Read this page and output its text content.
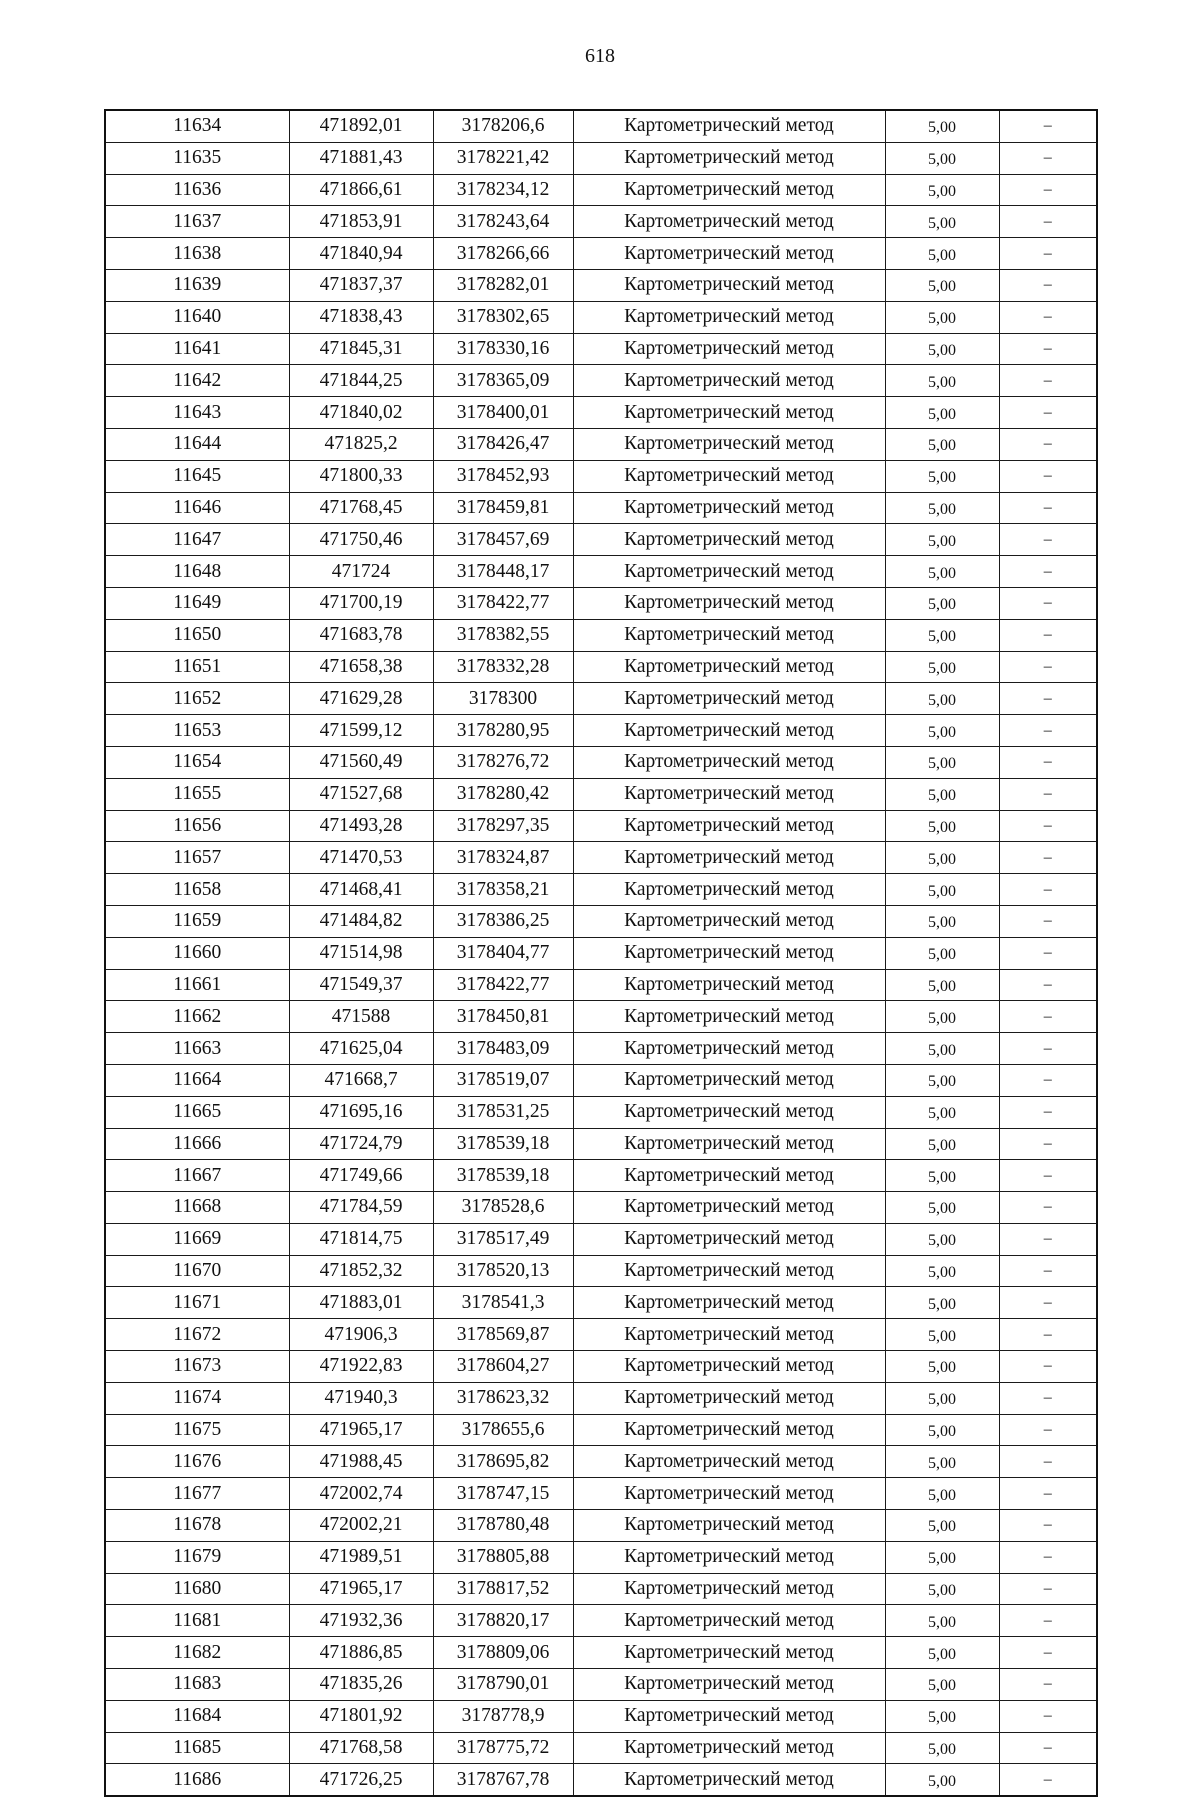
618
11634	471892,01	3178206,6	Картометрический метод	5,00	–
11635	471881,43	3178221,42	Картометрический метод	5,00	–
11636	471866,61	3178234,12	Картометрический метод	5,00	–
11637	471853,91	3178243,64	Картометрический метод	5,00	–
11638	471840,94	3178266,66	Картометрический метод	5,00	–
11639	471837,37	3178282,01	Картометрический метод	5,00	–
11640	471838,43	3178302,65	Картометрический метод	5,00	–
11641	471845,31	3178330,16	Картометрический метод	5,00	–
11642	471844,25	3178365,09	Картометрический метод	5,00	–
11643	471840,02	3178400,01	Картометрический метод	5,00	–
11644	471825,2	3178426,47	Картометрический метод	5,00	–
11645	471800,33	3178452,93	Картометрический метод	5,00	–
11646	471768,45	3178459,81	Картометрический метод	5,00	–
11647	471750,46	3178457,69	Картометрический метод	5,00	–
11648	471724	3178448,17	Картометрический метод	5,00	–
11649	471700,19	3178422,77	Картометрический метод	5,00	–
11650	471683,78	3178382,55	Картометрический метод	5,00	–
11651	471658,38	3178332,28	Картометрический метод	5,00	–
11652	471629,28	3178300	Картометрический метод	5,00	–
11653	471599,12	3178280,95	Картометрический метод	5,00	–
11654	471560,49	3178276,72	Картометрический метод	5,00	–
11655	471527,68	3178280,42	Картометрический метод	5,00	–
11656	471493,28	3178297,35	Картометрический метод	5,00	–
11657	471470,53	3178324,87	Картометрический метод	5,00	–
11658	471468,41	3178358,21	Картометрический метод	5,00	–
11659	471484,82	3178386,25	Картометрический метод	5,00	–
11660	471514,98	3178404,77	Картометрический метод	5,00	–
11661	471549,37	3178422,77	Картометрический метод	5,00	–
11662	471588	3178450,81	Картометрический метод	5,00	–
11663	471625,04	3178483,09	Картометрический метод	5,00	–
11664	471668,7	3178519,07	Картометрический метод	5,00	–
11665	471695,16	3178531,25	Картометрический метод	5,00	–
11666	471724,79	3178539,18	Картометрический метод	5,00	–
11667	471749,66	3178539,18	Картометрический метод	5,00	–
11668	471784,59	3178528,6	Картометрический метод	5,00	–
11669	471814,75	3178517,49	Картометрический метод	5,00	–
11670	471852,32	3178520,13	Картометрический метод	5,00	–
11671	471883,01	3178541,3	Картометрический метод	5,00	–
11672	471906,3	3178569,87	Картометрический метод	5,00	–
11673	471922,83	3178604,27	Картометрический метод	5,00	–
11674	471940,3	3178623,32	Картометрический метод	5,00	–
11675	471965,17	3178655,6	Картометрический метод	5,00	–
11676	471988,45	3178695,82	Картометрический метод	5,00	–
11677	472002,74	3178747,15	Картометрический метод	5,00	–
11678	472002,21	3178780,48	Картометрический метод	5,00	–
11679	471989,51	3178805,88	Картометрический метод	5,00	–
11680	471965,17	3178817,52	Картометрический метод	5,00	–
11681	471932,36	3178820,17	Картометрический метод	5,00	–
11682	471886,85	3178809,06	Картометрический метод	5,00	–
11683	471835,26	3178790,01	Картометрический метод	5,00	–
11684	471801,92	3178778,9	Картометрический метод	5,00	–
11685	471768,58	3178775,72	Картометрический метод	5,00	–
11686	471726,25	3178767,78	Картометрический метод	5,00	–
